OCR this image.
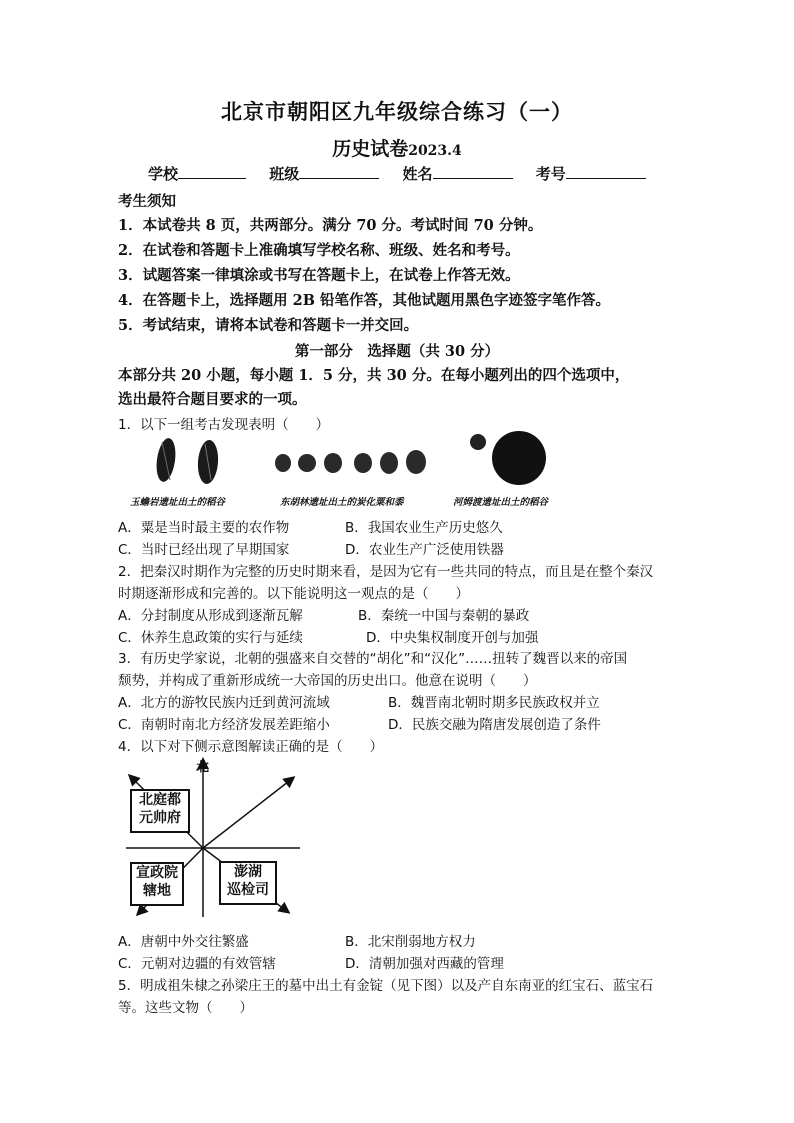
北京市朝阳区九年级综合练习（一）
历史试卷2023.4
学校	班级	姓名	考号
考生须知
1．本试卷共 8 页，共两部分。满分 70 分。考试时间 70 分钟。
2．在试卷和答题卡上准确填写学校名称、班级、姓名和考号。
3．试题答案一律填涂或书写在答题卡上，在试卷上作答无效。
4．在答题卡上，选择题用 2B 铅笔作答，其他试题用黑色字迹签字笔作答。
5．考试结束，请将本试卷和答题卡一并交回。
第一部分　选择题（共 30 分）
本部分共 20 小题，每小题 1．5 分，共 30 分。在每小题列出的四个选项中，
选出最符合题目要求的一项。
1．以下一组考古发现表明（　　）
玉蟾岩遗址出土的稻谷	东胡林遗址出土的炭化粟和黍	河姆渡遗址出土的稻谷
A．粟是当时最主要的农作物	B．我国农业生产历史悠久
C．当时已经出现了早期国家	D．农业生产广泛使用铁器
2．把秦汉时期作为完整的历史时期来看，是因为它有一些共同的特点，而且是在整个秦汉
时期逐渐形成和完善的。以下能说明这一观点的是（　　）
A．分封制度从形成到逐渐瓦解	B．秦统一中国与秦朝的暴政
C．休养生息政策的实行与延续	D．中央集权制度开创与加强
3．有历史学家说，北朝的强盛来自交替的“胡化”和“汉化”……扭转了魏晋以来的帝国
颓势，并构成了重新形成统一大帝国的历史出口。他意在说明（　　）
A．北方的游牧民族内迁到黄河流域	B．魏晋南北朝时期多民族政权并立
C．南朝时南北方经济发展差距缩小	D．民族交融为隋唐发展创造了条件
4．以下对下侧示意图解读正确的是（　　）
北
北庭都
元帅府
宣政院
辖地
澎湖
巡检司
A．唐朝中外交往繁盛	B．北宋削弱地方权力
C．元朝对边疆的有效管辖	D．清朝加强对西藏的管理
5．明成祖朱棣之孙梁庄王的墓中出土有金锭（见下图）以及产自东南亚的红宝石、蓝宝石
等。这些文物（　　）
